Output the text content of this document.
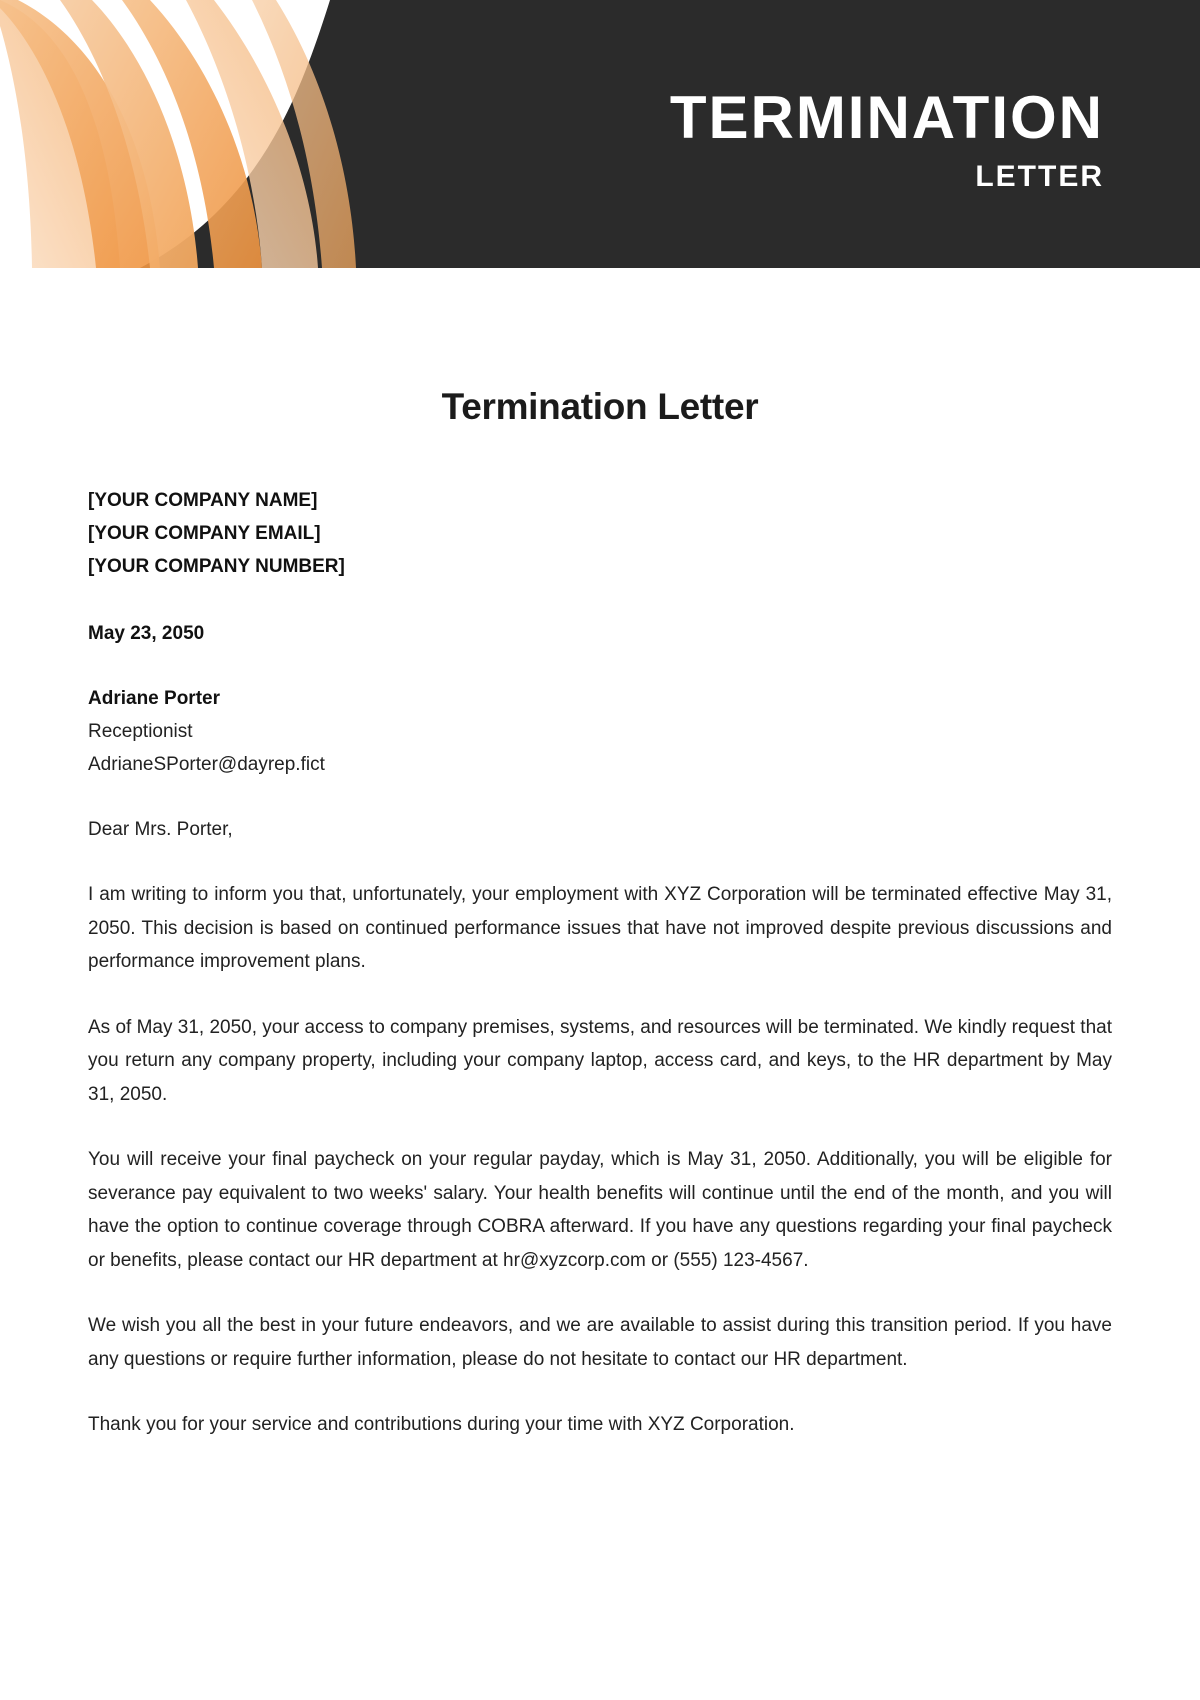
TERMINATION
LETTER
Termination Letter
[YOUR COMPANY NAME]
[YOUR COMPANY EMAIL]
[YOUR COMPANY NUMBER]
May 23, 2050
Adriane Porter
Receptionist
AdrianeSPorter@dayrep.fict
Dear Mrs. Porter,
I am writing to inform you that, unfortunately, your employment with XYZ Corporation will be terminated effective May 31, 2050. This decision is based on continued performance issues that have not improved despite previous discussions and performance improvement plans.
As of May 31, 2050, your access to company premises, systems, and resources will be terminated. We kindly request that you return any company property, including your company laptop, access card, and keys, to the HR department by May 31, 2050.
You will receive your final paycheck on your regular payday, which is May 31, 2050. Additionally, you will be eligible for severance pay equivalent to two weeks' salary. Your health benefits will continue until the end of the month, and you will have the option to continue coverage through COBRA afterward. If you have any questions regarding your final paycheck or benefits, please contact our HR department at hr@xyzcorp.com or (555) 123-4567.
We wish you all the best in your future endeavors, and we are available to assist during this transition period. If you have any questions or require further information, please do not hesitate to contact our HR department.
Thank you for your service and contributions during your time with XYZ Corporation.
